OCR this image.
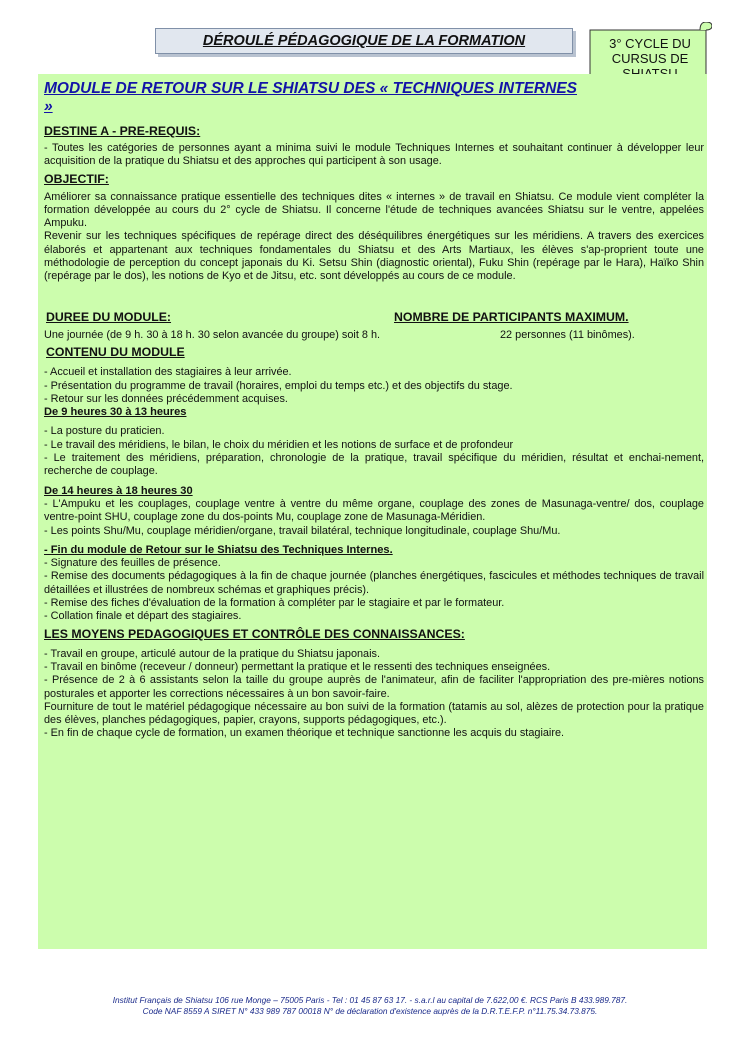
DÉROULÉ PÉDAGOGIQUE DE LA FORMATION	3° CYCLE DU
CURSUS DE
MODULE DE RETOUR SUR LE SHIATSU DES « TECHNIQUES INTERNES »
DESTINE A - PRE-REQUIS:

- Toutes les catégories de personnes ayant a minima suivi le module Techniques Internes et souhaitant continuer à développer leur acquisition de la pratique du Shiatsu et des approches qui participent à son usage.

OBJECTIF:

Améliorer sa connaissance pratique essentielle des techniques dites « internes » de travail en Shiatsu. Ce module vient compléter la formation développée au cours du 2° cycle de Shiatsu. Il concerne l'étude de techniques avancées Shiatsu sur le ventre, appelées Ampuku.

Revenir sur les techniques spécifiques de repérage direct des déséquilibres énergétiques sur les méridiens. A travers des exercices élaborés et appartenant aux techniques fondamentales du Shiatsu et des Arts Martiaux, les élèves s'ap-proprient toute une méthodologie de perception du concept japonais du Ki. Setsu Shin (diagnostic oriental), Fuku Shin (repérage par le Hara), Haïko Shin (repérage par le dos), les notions de Kyo et de Jitsu, etc. sont développés au cours de ce module.

DUREE DU MODULE:	NOMBRE DE PARTICIPANTS MAXIMUM.
Une journée (de 9 h. 30 à 18 h. 30 selon avancée du groupe) soit 8 h.	22 personnes (11 binômes).
CONTENU DU MODULE

- Accueil et installation des stagiaires à leur arrivée.

- Présentation du programme de travail (horaires, emploi du temps etc.) et des objectifs du stage.

- Retour sur les données précédemment acquises.

De 9 heures 30 à 13 heures

- La posture du praticien.

- Le travail des méridiens, le bilan, le choix du méridien et les notions de surface et de profondeur

- Le traitement des méridiens, préparation, chronologie de la pratique, travail spécifique du méridien, résultat et enchai-nement, recherche de couplage.

De 14 heures à 18 heures 30

- L'Ampuku et les couplages, couplage ventre à ventre du même organe, couplage des zones de Masunaga-ventre/ dos, couplage ventre-point SHU, couplage zone du dos-points Mu, couplage zone de Masunaga-Méridien.

- Les points Shu/Mu, couplage méridien/organe, travail bilatéral, technique longitudinale, couplage Shu/Mu.

- Fin du module de Retour sur le Shiatsu des Techniques Internes.

- Signature des feuilles de présence.

- Remise des documents pédagogiques à la fin de chaque journée (planches énergétiques, fascicules et méthodes techniques de travail détaillées et illustrées de nombreux schémas et graphiques précis).

- Remise des fiches d'évaluation de la formation à compléter par le stagiaire et par le formateur.

- Collation finale et départ des stagiaires.

LES MOYENS PEDAGOGIQUES ET CONTRÔLE DES CONNAISSANCES:

- Travail en groupe, articulé autour de la pratique du Shiatsu japonais.

- Travail en binôme (receveur / donneur) permettant la pratique et le ressenti des techniques enseignées.

- Présence de 2 à 6 assistants selon la taille du groupe auprès de l'animateur, afin de faciliter l'appropriation des pre-mières notions posturales et apporter les corrections nécessaires à un bon savoir-faire.

Fourniture de tout le matériel pédagogique nécessaire au bon suivi de la formation (tatamis au sol, alèzes de protection pour la pratique des élèves, planches pédagogiques, papier, crayons, supports pédagogiques, etc.).

- En fin de chaque cycle de formation, un examen théorique et technique sanctionne les acquis du stagiaire.

Institut Français de Shiatsu 106 rue Monge – 75005 Paris - Tel : 01 45 87 63 17. - s.a.r.l au capital de 7.622,00 €. RCS Paris B 433.989.787.
Code NAF 8559 A SIRET N° 433 989 787 00018 N° de déclaration d'existence auprès de la D.R.T.E.F.P. n°11.75.34.73.875.
